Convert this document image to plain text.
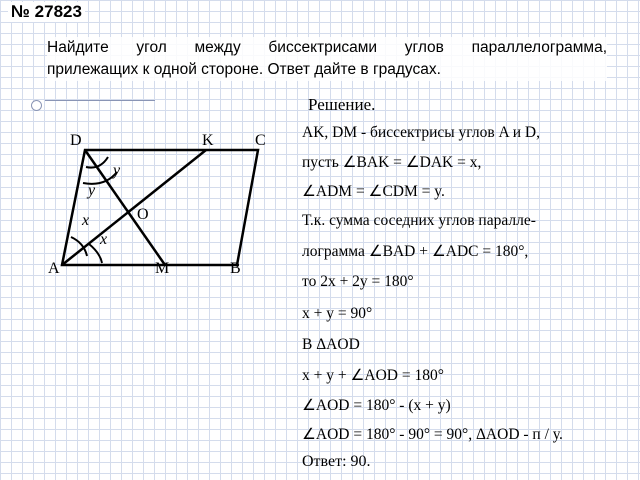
№ 27823
Найдите угол между биссектрисами углов параллелограмма,
прилежащих к одной стороне. Ответ дайте в градусах.
D	K	C
A	M	B
O
y
y
x
x
Решение.
AK, DM - биссектрисы углов A и D,
пусть ∠BAK = ∠DAK = x,
∠ADM = ∠CDM = y.
Т.к. сумма соседних углов паралле-
лограмма ∠BAD + ∠ADC = 180°,
то 2x + 2y = 180°
x + y = 90°
В ΔAOD
x + y + ∠AOD = 180°
∠AOD = 180° - (x + y)
∠AOD = 180° - 90° = 90°, ΔAOD - п / у.
Ответ: 90.
